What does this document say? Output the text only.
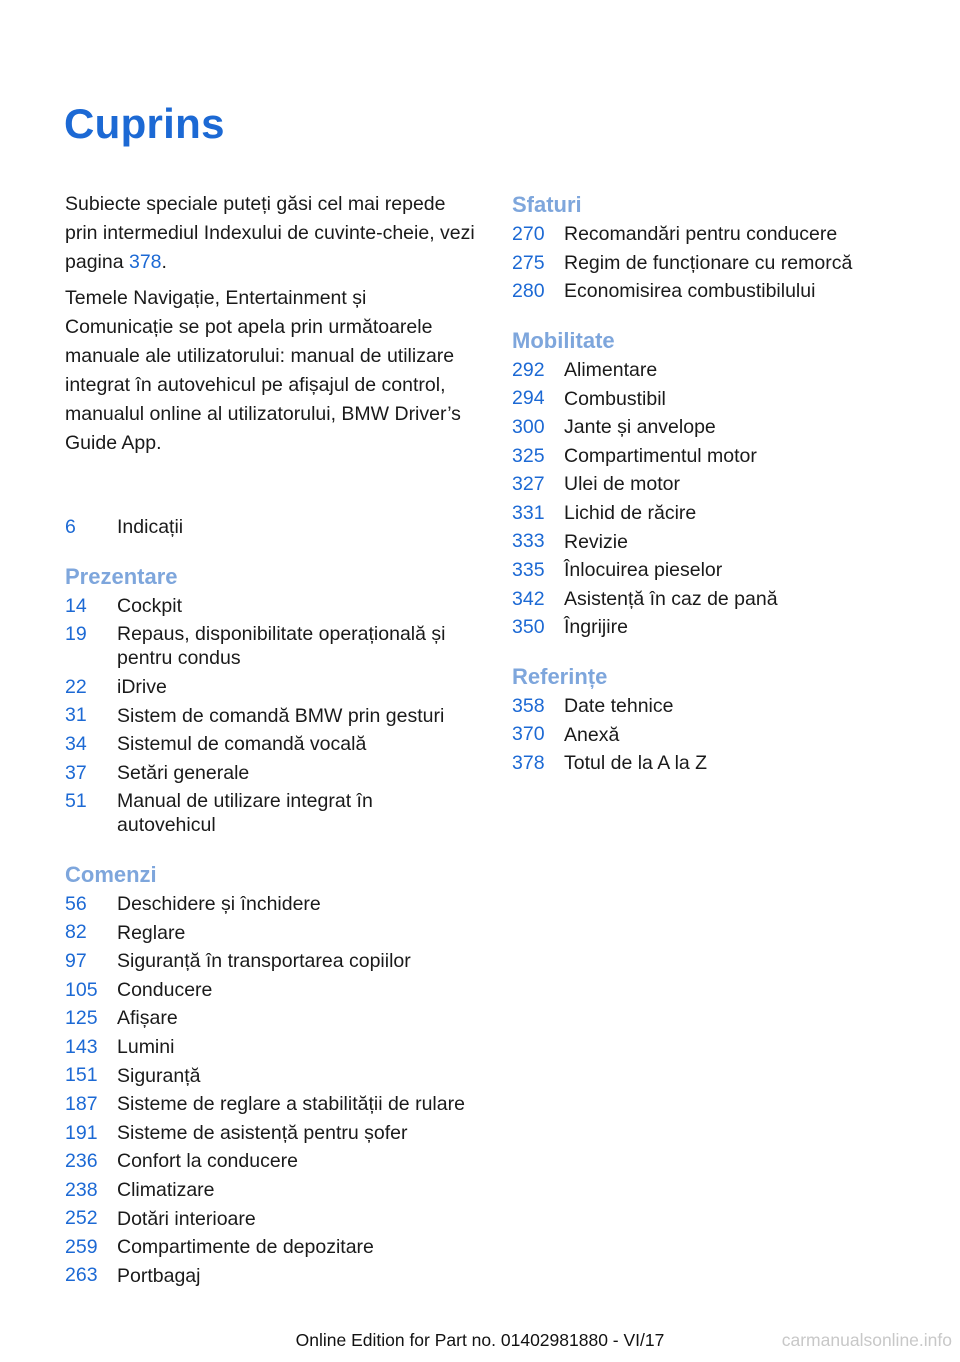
Cuprins

Subiecte speciale puteți găsi cel mai repede prin intermediul Indexului de cuvinte-cheie, vezi pagina 378.

Temele Navigație, Entertainment și Comunicație se pot apela prin următoarele manuale ale utilizatorului: manual de utilizare integrat în autovehicul pe afișajul de control, manualul online al utilizatorului, BMW Driver’s Guide App.

6	Indicații
Prezentare
14	Cockpit
19	Repaus, disponibilitate operațională și pentru condus
22	iDrive
31	Sistem de comandă BMW prin gesturi
34	Sistemul de comandă vocală
37	Setări generale
51	Manual de utilizare integrat în autovehicul
Comenzi
56	Deschidere și închidere
82	Reglare
97	Siguranță în transportarea copiilor
105 Conducere
125 Afișare
143 Lumini
151 Siguranță
187 Sisteme de reglare a stabilității de rulare
191 Sisteme de asistență pentru șofer
236 Confort la conducere
238 Climatizare
252 Dotări interioare
259 Compartimente de depozitare
263 Portbagaj
Sfaturi
270 Recomandări pentru conducere
275 Regim de funcționare cu remorcă
280 Economisirea combustibilului
Mobilitate
292 Alimentare
294 Combustibil
300 Jante și anvelope
325 Compartimentul motor
327 Ulei de motor
331 Lichid de răcire
333 Revizie
335 Înlocuirea pieselor
342 Asistență în caz de pană
350 Îngrijire
Referințe
358 Date tehnice
370 Anexă
378 Totul de la A la Z
Online Edition for Part no. 01402981880 - VI/17	carmanualsonline.info
